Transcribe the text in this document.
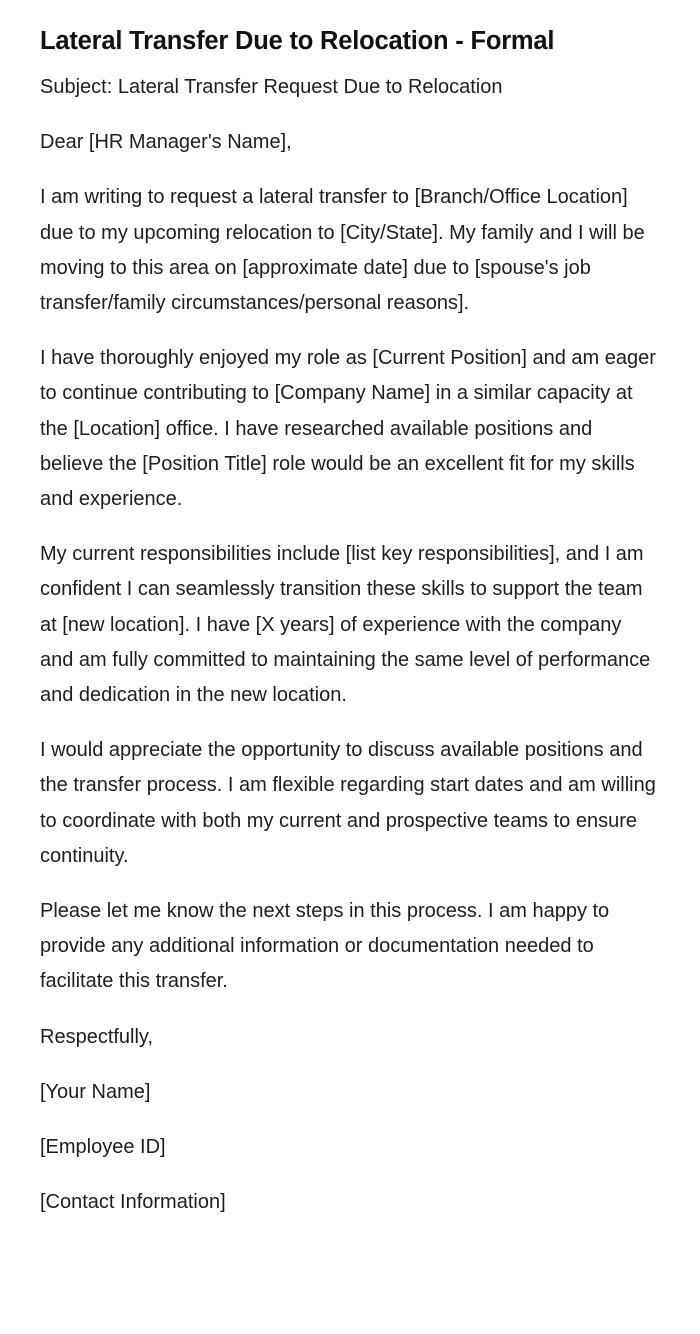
Lateral Transfer Due to Relocation - Formal

Subject: Lateral Transfer Request Due to Relocation

Dear [HR Manager's Name],

I am writing to request a lateral transfer to [Branch/Office Location] due to my upcoming relocation to [City/State]. My family and I will be moving to this area on [approximate date] due to [spouse's job transfer/family circumstances/personal reasons].

I have thoroughly enjoyed my role as [Current Position] and am eager to continue contributing to [Company Name] in a similar capacity at the [Location] office. I have researched available positions and believe the [Position Title] role would be an excellent fit for my skills and experience.

My current responsibilities include [list key responsibilities], and I am confident I can seamlessly transition these skills to support the team at [new location]. I have [X years] of experience with the company and am fully committed to maintaining the same level of performance and dedication in the new location.

I would appreciate the opportunity to discuss available positions and the transfer process. I am flexible regarding start dates and am willing to coordinate with both my current and prospective teams to ensure continuity.

Please let me know the next steps in this process. I am happy to provide any additional information or documentation needed to facilitate this transfer.

Respectfully,

[Your Name]

[Employee ID]

[Contact Information]
